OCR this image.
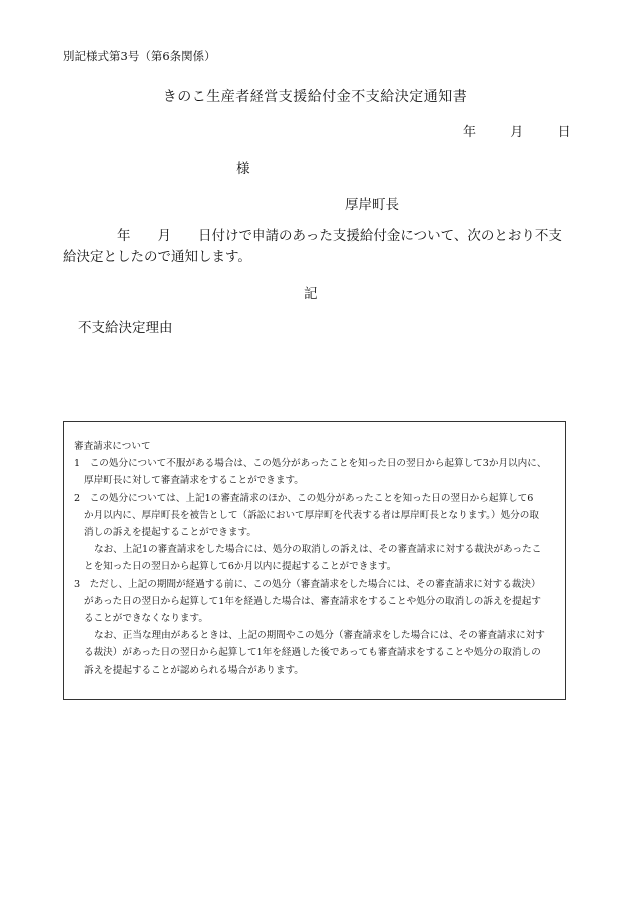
別記様式第3号（第6条関係）
きのこ生産者経営支援給付金不支給決定通知書
年	月	日
様
厚岸町長
年　　月　　日付けで申請のあった支援給付金について、次のとおり不支
給決定としたので通知します。
記
不支給決定理由
審査請求について
1　この処分について不服がある場合は、この処分があったことを知った日の翌日から起算して3か月以内に、
厚岸町長に対して審査請求をすることができます。
2　この処分については、上記1の審査請求のほか、この処分があったことを知った日の翌日から起算して6
か月以内に、厚岸町長を被告として（訴訟において厚岸町を代表する者は厚岸町長となります。）処分の取
消しの訴えを提起することができます。
なお、上記1の審査請求をした場合には、処分の取消しの訴えは、その審査請求に対する裁決があったこ
とを知った日の翌日から起算して6か月以内に提起することができます。
3　ただし、上記の期間が経過する前に、この処分（審査請求をした場合には、その審査請求に対する裁決）
があった日の翌日から起算して1年を経過した場合は、審査請求をすることや処分の取消しの訴えを提起す
ることができなくなります。
なお、正当な理由があるときは、上記の期間やこの処分（審査請求をした場合には、その審査請求に対す
る裁決）があった日の翌日から起算して1年を経過した後であっても審査請求をすることや処分の取消しの
訴えを提起することが認められる場合があります。
